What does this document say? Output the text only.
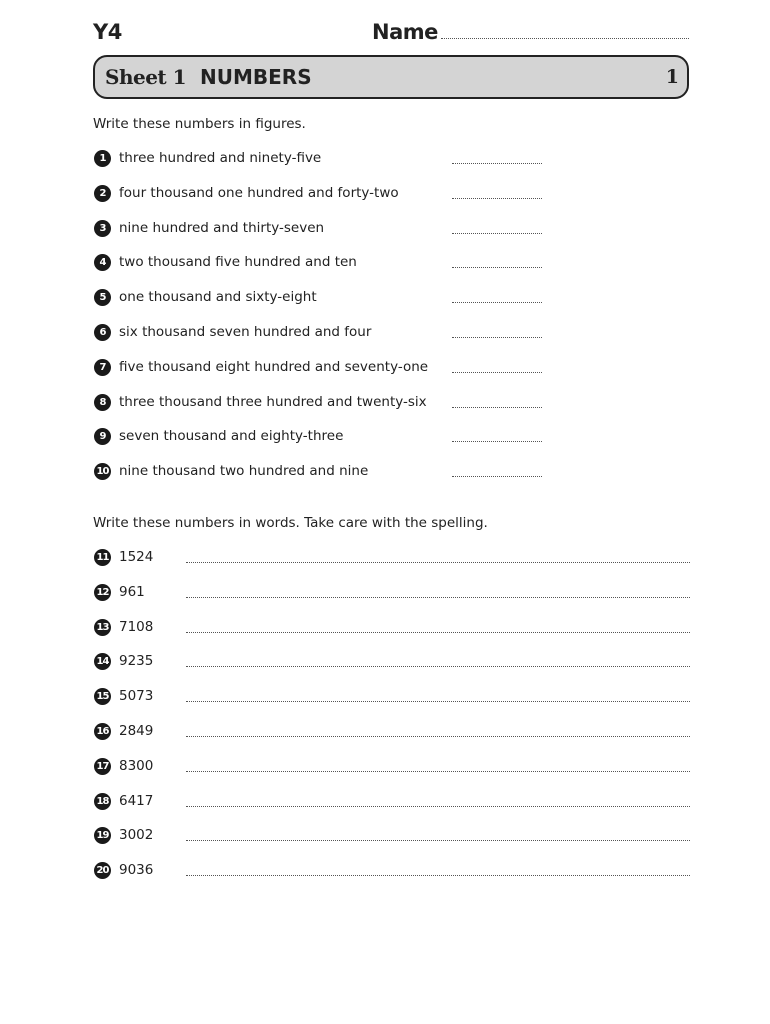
Y4	Name
Sheet 1 NUMBERS	1
Write these numbers in figures.
1	three hundred and ninety-five
2	four thousand one hundred and forty-two
3	nine hundred and thirty-seven
4	two thousand five hundred and ten
5	one thousand and sixty-eight
6	six thousand seven hundred and four
7	five thousand eight hundred and seventy-one
8	three thousand three hundred and twenty-six
9	seven thousand and eighty-three
10 nine thousand two hundred and nine
Write these numbers in words. Take care with the spelling.
11 1524
12 961
13 7108
14 9235
15 5073
16 2849
17 8300
18 6417
19 3002
20 9036
